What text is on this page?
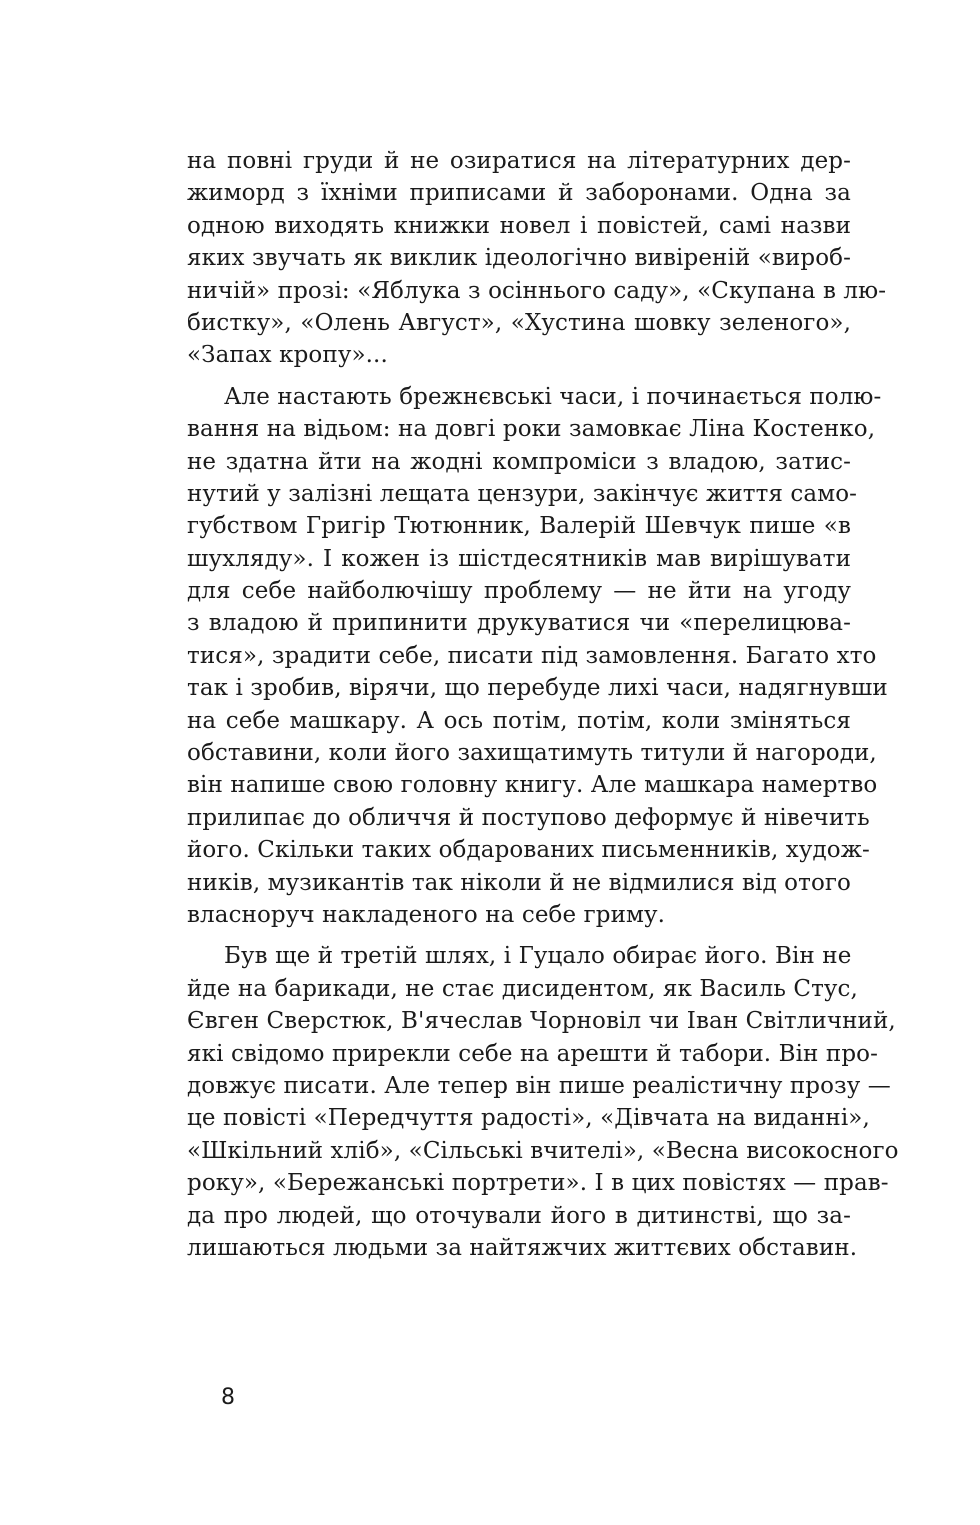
на повні груди й не озиратися на літературних дер-
жиморд з їхніми приписами й заборонами. Одна за
одною виходять книжки новел і повістей, самі назви
яких звучать як виклик ідеологічно вивіреній «вироб-
ничій» прозі: «Яблука з осіннього саду», «Скупана в лю-
бистку», «Олень Август», «Хустина шовку зеленого»,
«Запах кропу»...
Але настають брежнєвські часи, і починається полю-
вання на відьом: на довгі роки замовкає Ліна Костенко,
не здатна йти на жодні компроміси з владою, затис-
нутий у залізні лещата цензури, закінчує життя само-
губством Григір Тютюнник, Валерій Шевчук пише «в
шухляду». І кожен із шістдесятників мав вирішувати
для себе найболючішу проблему — не йти на угоду
з владою й припинити друкуватися чи «перелицюва-
тися», зрадити себе, писати під замовлення. Багато хто
так і зробив, вірячи, що перебуде лихі часи, надягнувши
на себе машкару. А ось потім, потім, коли зміняться
обставини, коли його захищатимуть титули й нагороди,
він напише свою головну книгу. Але машкара намертво
прилипає до обличчя й поступово деформує й нівечить
його. Скільки таких обдарованих письменників, худож-
ників, музикантів так ніколи й не відмилися від отого
власноруч накладеного на себе гриму.
Був ще й третій шлях, і Гуцало обирає його. Він не
йде на барикади, не стає дисидентом, як Василь Стус,
Євген Сверстюк, В'ячеслав Чорновіл чи Іван Світличний,
які свідомо прирекли себе на арешти й табори. Він про-
довжує писати. Але тепер він пише реалістичну прозу —
це повісті «Передчуття радості», «Дівчата на виданні»,
«Шкільний хліб», «Сільські вчителі», «Весна високосного
року», «Бережанські портрети». І в цих повістях — прав-
да про людей, що оточували його в дитинстві, що за-
лишаються людьми за найтяжчих життєвих обставин.
8
